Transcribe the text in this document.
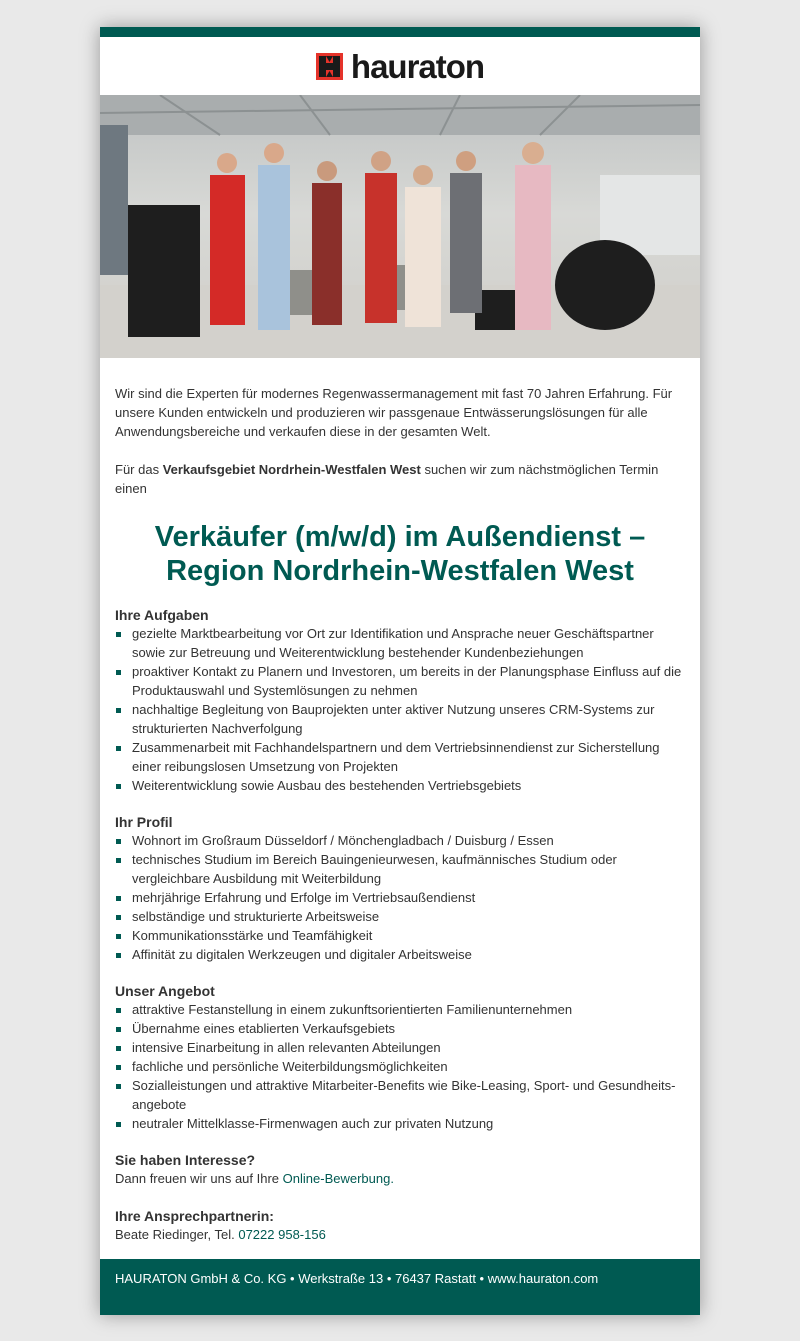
hauraton

Wir sind die Experten für modernes Regenwassermanagement mit fast 70 Jahren Erfahrung. Für unsere Kunden entwickeln und produzieren wir passgenaue Entwässerungslösungen für alle Anwendungsbereiche und verkaufen diese in der gesamten Welt.

Für das Verkaufsgebiet Nordrhein-Westfalen West suchen wir zum nächstmöglichen Termin einen

Verkäufer (m/w/d) im Außendienst –
Region Nordrhein-Westfalen West
Ihre Aufgaben
gezielte Marktbearbeitung vor Ort zur Identifikation und Ansprache neuer Geschäftspartner sowie zur Betreuung und Weiterentwicklung bestehender Kundenbeziehungen
proaktiver Kontakt zu Planern und Investoren, um bereits in der Planungsphase Einfluss auf die Produktauswahl und Systemlösungen zu nehmen
nachhaltige Begleitung von Bauprojekten unter aktiver Nutzung unseres CRM-Systems zur strukturierten Nachverfolgung
Zusammenarbeit mit Fachhandelspartnern und dem Vertriebsinnendienst zur Sicherstellung einer reibungslosen Umsetzung von Projekten
Weiterentwicklung sowie Ausbau des bestehenden Vertriebsgebiets
Ihr Profil
Wohnort im Großraum Düsseldorf / Mönchengladbach / Duisburg / Essen
technisches Studium im Bereich Bauingenieurwesen, kaufmännisches Studium oder vergleichbare Ausbildung mit Weiterbildung
mehrjährige Erfahrung und Erfolge im Vertriebsaußendienst
selbständige und strukturierte Arbeitsweise
Kommunikationsstärke und Teamfähigkeit
Affinität zu digitalen Werkzeugen und digitaler Arbeitsweise
Unser Angebot
attraktive Festanstellung in einem zukunftsorientierten Familienunternehmen
Übernahme eines etablierten Verkaufsgebiets
intensive Einarbeitung in allen relevanten Abteilungen
fachliche und persönliche Weiterbildungsmöglichkeiten
Sozialleistungen und attraktive Mitarbeiter-Benefits wie Bike-Leasing, Sport- und Gesundheits-angebote
neutraler Mittelklasse-Firmenwagen auch zur privaten Nutzung
Sie haben Interesse?

Dann freuen wir uns auf Ihre Online-Bewerbung.

Ihre Ansprechpartnerin:

Beate Riedinger, Tel. 07222 958-156

HAURATON GmbH & Co. KG • Werkstraße 13 • 76437 Rastatt • www.hauraton.com
